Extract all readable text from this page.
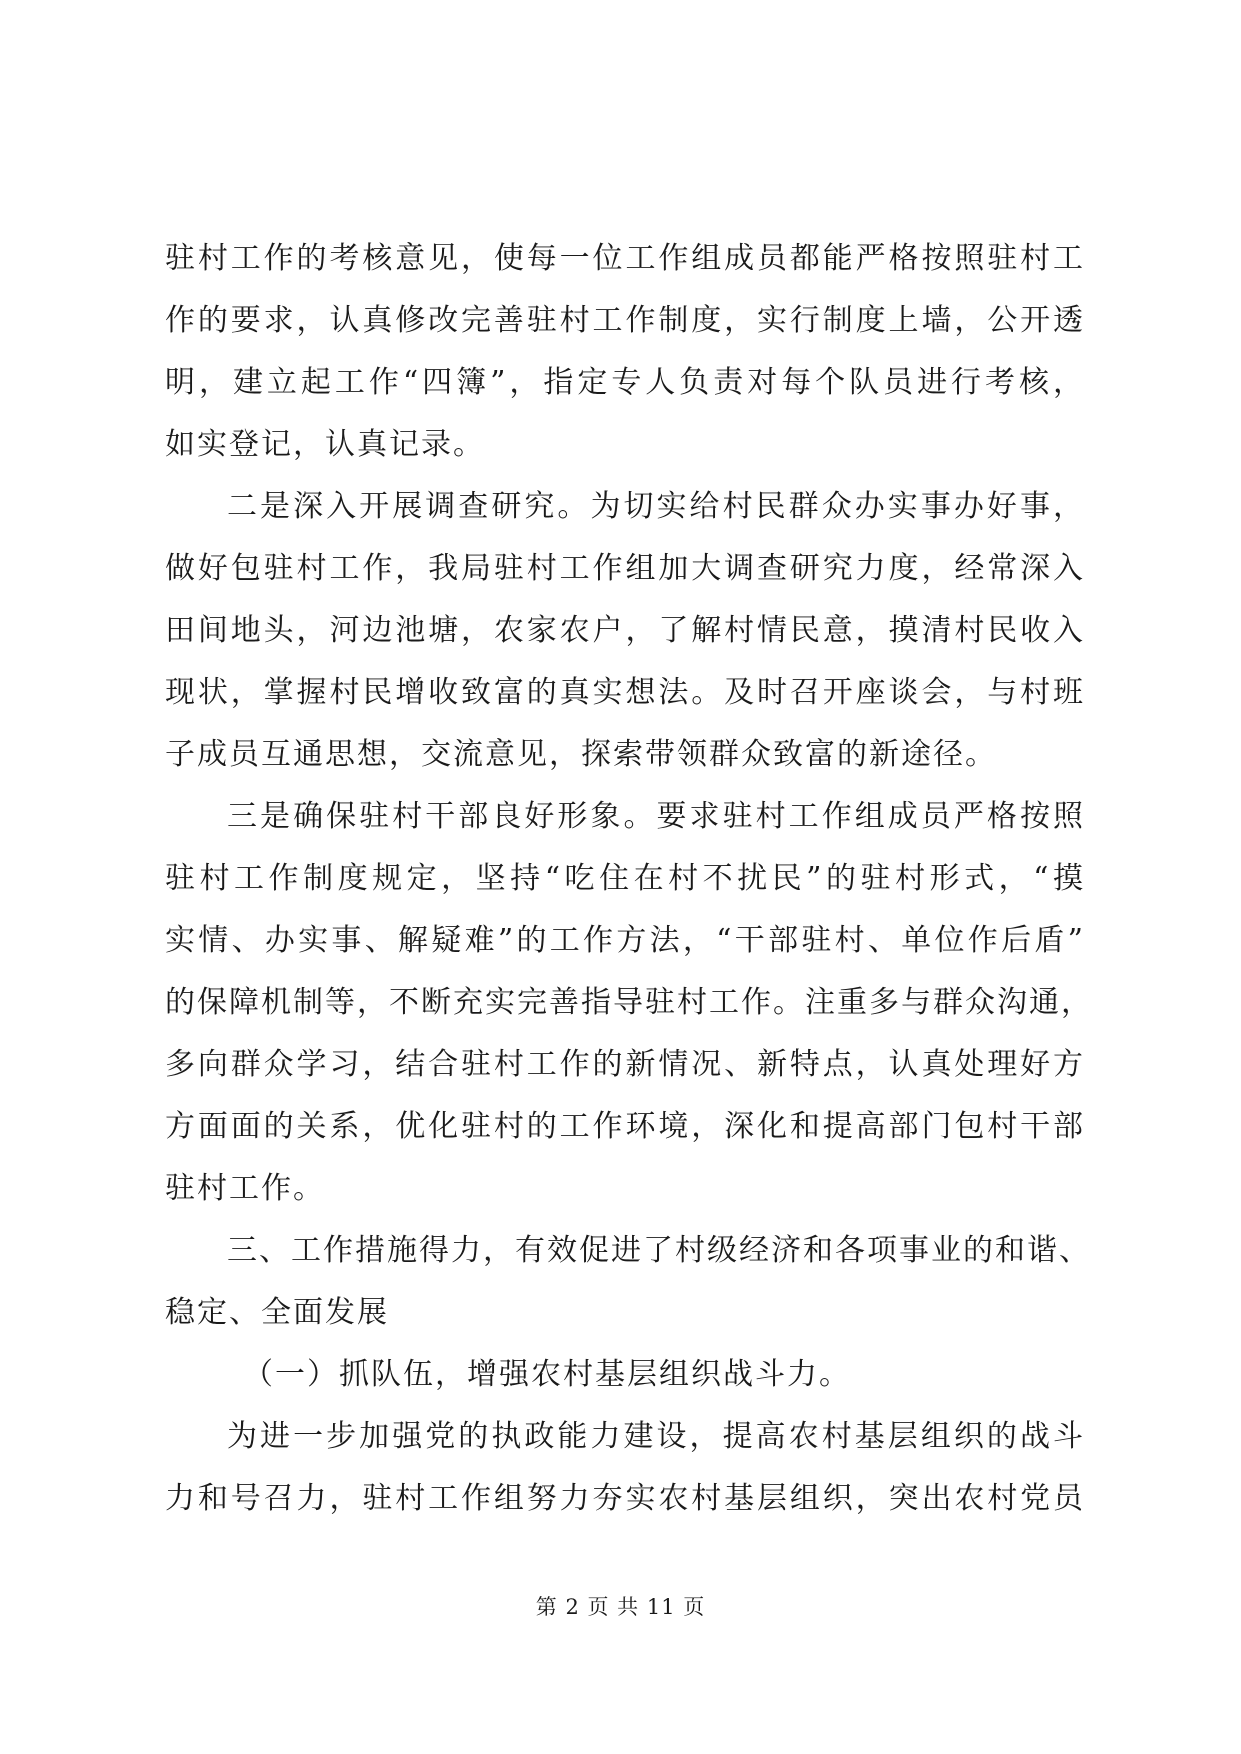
驻村工作的考核意见，使每一位工作组成员都能严格按照驻村工
作的要求，认真修改完善驻村工作制度，实行制度上墙，公开透
明，建立起工作“四簿”，指定专人负责对每个队员进行考核，
如实登记，认真记录。
二是深入开展调查研究。为切实给村民群众办实事办好事，
做好包驻村工作，我局驻村工作组加大调查研究力度，经常深入
田间地头，河边池塘，农家农户，了解村情民意，摸清村民收入
现状，掌握村民增收致富的真实想法。及时召开座谈会，与村班
子成员互通思想，交流意见，探索带领群众致富的新途径。
三是确保驻村干部良好形象。要求驻村工作组成员严格按照
驻村工作制度规定，坚持“吃住在村不扰民”的驻村形式，“摸
实情、办实事、解疑难”的工作方法，“干部驻村、单位作后盾”
的保障机制等，不断充实完善指导驻村工作。注重多与群众沟通，
多向群众学习，结合驻村工作的新情况、新特点，认真处理好方
方面面的关系，优化驻村的工作环境，深化和提高部门包村干部
驻村工作。
三、工作措施得力，有效促进了村级经济和各项事业的和谐、
稳定、全面发展
（一）抓队伍，增强农村基层组织战斗力。
为进一步加强党的执政能力建设，提高农村基层组织的战斗
力和号召力，驻村工作组努力夯实农村基层组织，突出农村党员
第 2 页 共 11 页
